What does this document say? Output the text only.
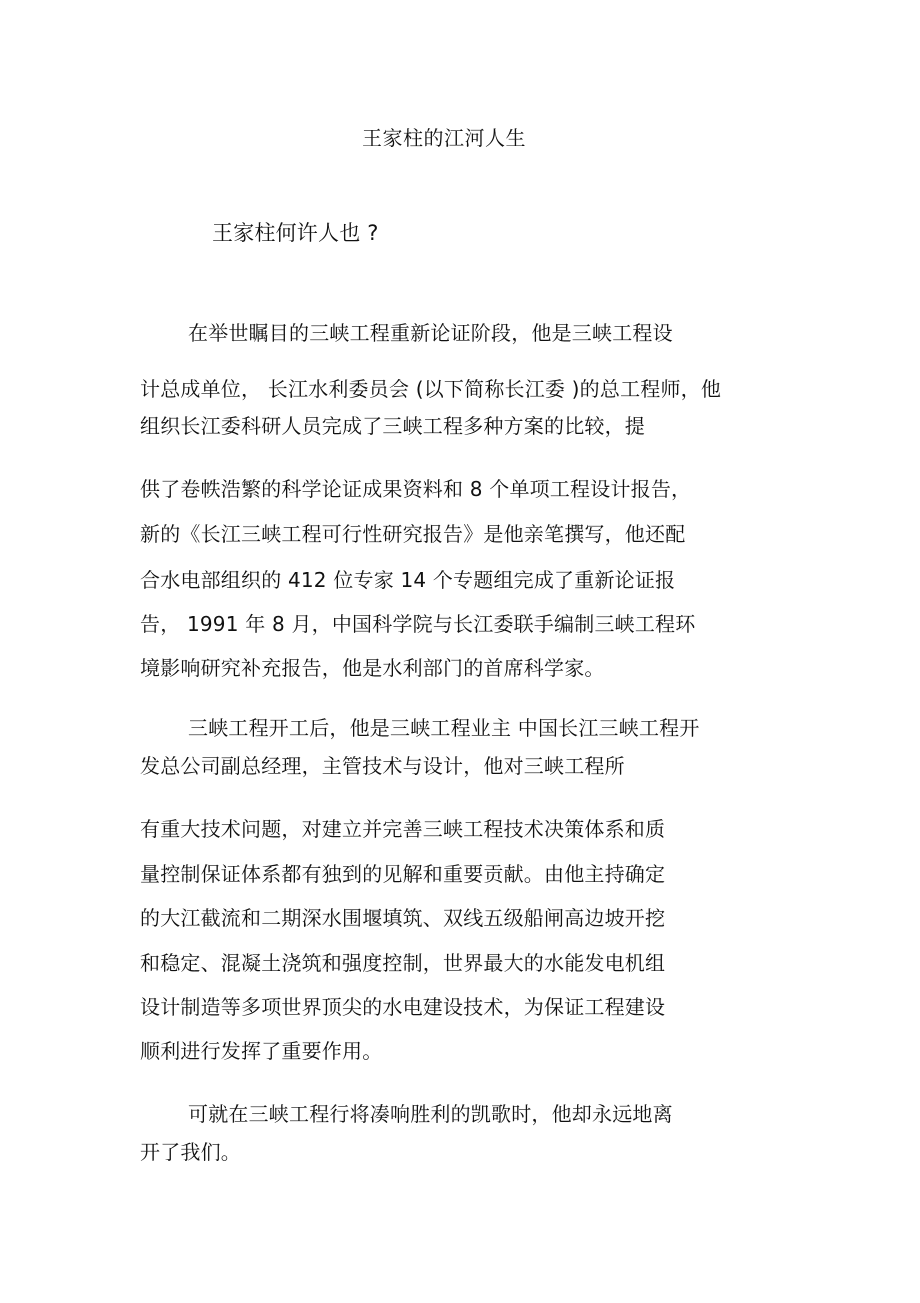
王家柱的江河人生
王家柱何许人也 ?
在举世瞩目的三峡工程重新论证阶段，他是三峡工程设
计总成单位， 长江水利委员会 (以下简称长江委 )的总工程师，他
组织长江委科研人员完成了三峡工程多种方案的比较，提
供了卷帙浩繁的科学论证成果资料和 8 个单项工程设计报告，
新的《长江三峡工程可行性研究报告》是他亲笔撰写，他还配
合水电部组织的 412 位专家 14 个专题组完成了重新论证报
告， 1991 年 8 月，中国科学院与长江委联手编制三峡工程环
境影响研究补充报告，他是水利部门的首席科学家。
三峡工程开工后，他是三峡工程业主 中国长江三峡工程开
发总公司副总经理，主管技术与设计，他对三峡工程所
有重大技术问题，对建立并完善三峡工程技术决策体系和质
量控制保证体系都有独到的见解和重要贡献。由他主持确定
的大江截流和二期深水围堰填筑、双线五级船闸高边坡开挖
和稳定、混凝土浇筑和强度控制，世界最大的水能发电机组
设计制造等多项世界顶尖的水电建设技术，为保证工程建设
顺利进行发挥了重要作用。
可就在三峡工程行将凑响胜利的凯歌时，他却永远地离
开了我们。
